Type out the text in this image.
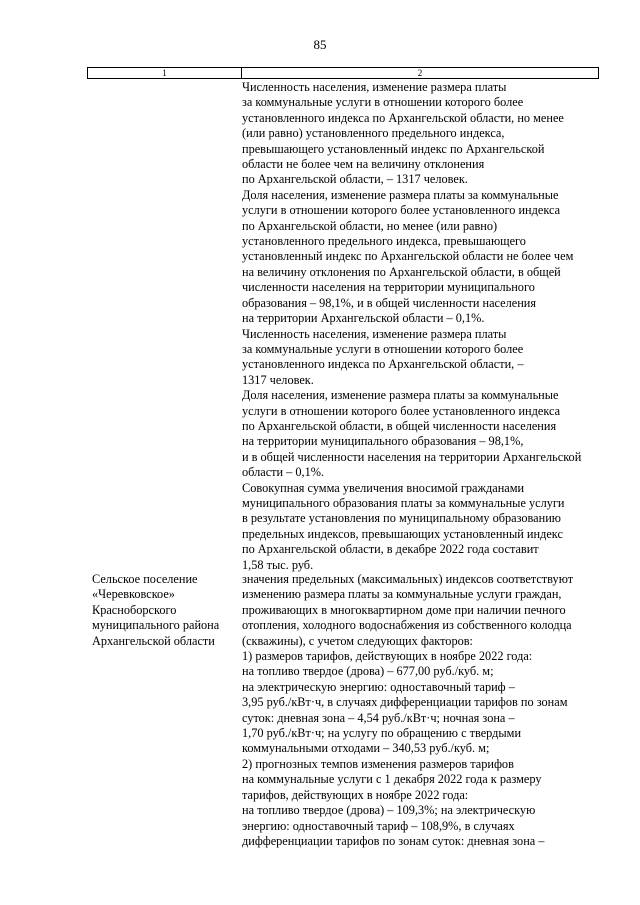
85
1	2
Численность населения, изменение размера платы
за коммунальные услуги в отношении которого более
установленного индекса по Архангельской области, но менее
(или равно) установленного предельного индекса,
превышающего установленный индекс по Архангельской
области не более чем на величину отклонения
по Архангельской области, – 1317 человек.
Доля населения, изменение размера платы за коммунальные
услуги в отношении которого более установленного индекса
по Архангельской области, но менее (или равно)
установленного предельного индекса, превышающего
установленный индекс по Архангельской области не более чем
на величину отклонения по Архангельской области, в общей
численности населения на территории муниципального
образования – 98,1%, и в общей численности населения
на территории Архангельской области – 0,1%.
Численность населения, изменение размера платы
за коммунальные услуги в отношении которого более
установленного индекса по Архангельской области, –
1317 человек.
Доля населения, изменение размера платы за коммунальные
услуги в отношении которого более установленного индекса
по Архангельской области, в общей численности населения
на территории муниципального образования – 98,1%,
и в общей численности населения на территории Архангельской
области – 0,1%.
Совокупная сумма увеличения вносимой гражданами
муниципального образования платы за коммунальные услуги
в результате установления по муниципальному образованию
предельных индексов, превышающих установленный индекс
по Архангельской области, в декабре 2022 года составит
1,58 тыс. руб.
Сельское поселение
«Черевковское»
Красноборского
муниципального района
Архангельской области
значения предельных (максимальных) индексов соответствуют
изменению размера платы за коммунальные услуги граждан,
проживающих в многоквартирном доме при наличии печного
отопления, холодного водоснабжения из собственного колодца
(скважины), с учетом следующих факторов:
1) размеров тарифов, действующих в ноябре 2022 года:
на топливо твердое (дрова) – 677,00 руб./куб. м;
на электрическую энергию: одноставочный тариф –
3,95 руб./кВт·ч, в случаях дифференциации тарифов по зонам
суток: дневная зона – 4,54 руб./кВт·ч; ночная зона –
1,70 руб./кВт·ч; на услугу по обращению с твердыми
коммунальными отходами – 340,53 руб./куб. м;
2) прогнозных темпов изменения размеров тарифов
на коммунальные услуги с 1 декабря 2022 года к размеру
тарифов, действующих в ноябре 2022 года:
на топливо твердое (дрова) – 109,3%; на электрическую
энергию: одноставочный тариф – 108,9%, в случаях
дифференциации тарифов по зонам суток: дневная зона –
